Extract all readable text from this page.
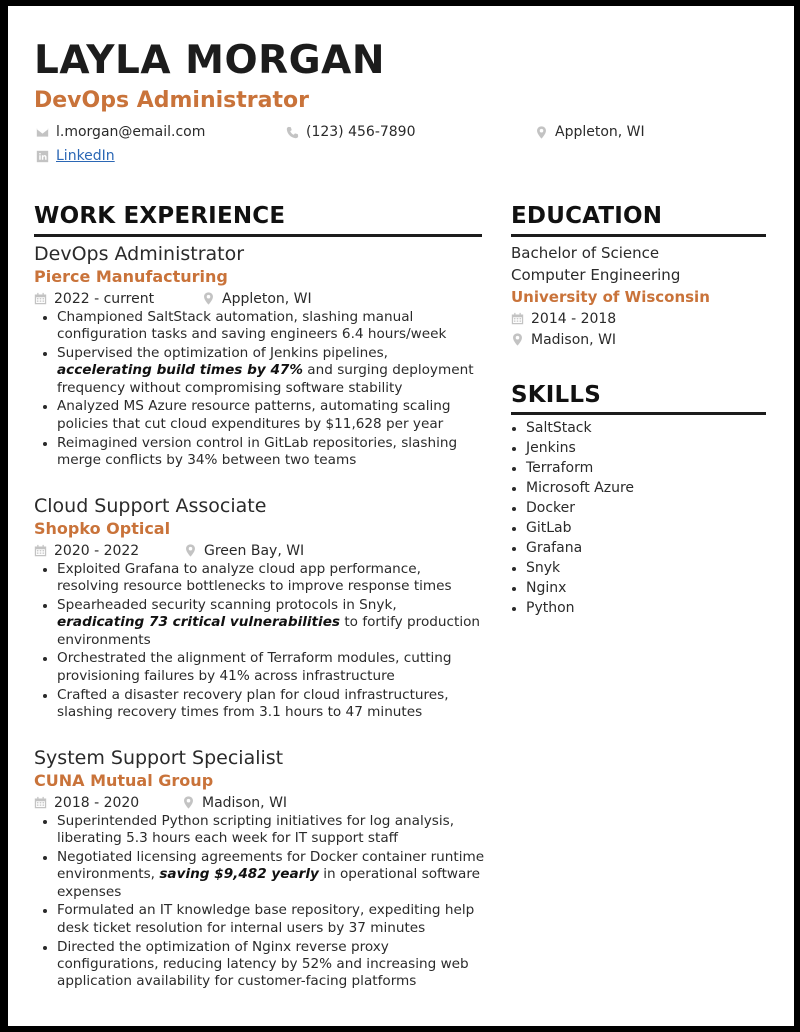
LAYLA MORGAN
DevOps Administrator
l.morgan@email.com	(123) 456-7890	Appleton, WI
LinkedIn
WORK EXPERIENCE	EDUCATION
SKILLS

DevOps Administrator

Pierce Manufacturing

2022 - current	Appleton, WI
• Championed SaltStack automation, slashing manual configuration tasks and saving engineers 6.4 hours/week
• Supervised the optimization of Jenkins pipelines, accelerating build times by 47% and surging deployment frequency without compromising software stability
• Analyzed MS Azure resource patterns, automating scaling policies that cut cloud expenditures by $11,628 per year
• Reimagined version control in GitLab repositories, slashing merge conflicts by 34% between two teams

Cloud Support Associate

Shopko Optical

2020 - 2022	Green Bay, WI
• Exploited Grafana to analyze cloud app performance, resolving resource bottlenecks to improve response times
• Spearheaded security scanning protocols in Snyk, eradicating 73 critical vulnerabilities to fortify production environments
• Orchestrated the alignment of Terraform modules, cutting provisioning failures by 41% across infrastructure
• Crafted a disaster recovery plan for cloud infrastructures, slashing recovery times from 3.1 hours to 47 minutes

System Support Specialist

CUNA Mutual Group

2018 - 2020	Madison, WI
• Superintended Python scripting initiatives for log analysis, liberating 5.3 hours each week for IT support staff
• Negotiated licensing agreements for Docker container runtime environments, saving $9,482 yearly in operational software expenses
• Formulated an IT knowledge base repository, expediting help desk ticket resolution for internal users by 37 minutes
• Directed the optimization of Nginx reverse proxy configurations, reducing latency by 52% and increasing web application availability for customer-facing platforms

Bachelor of Science

Computer Engineering

University of Wisconsin

2014 - 2018
Madison, WI
• SaltStack
• Jenkins
• Terraform
• Microsoft Azure
• Docker
• GitLab
• Grafana
• Snyk
• Nginx
• Python
